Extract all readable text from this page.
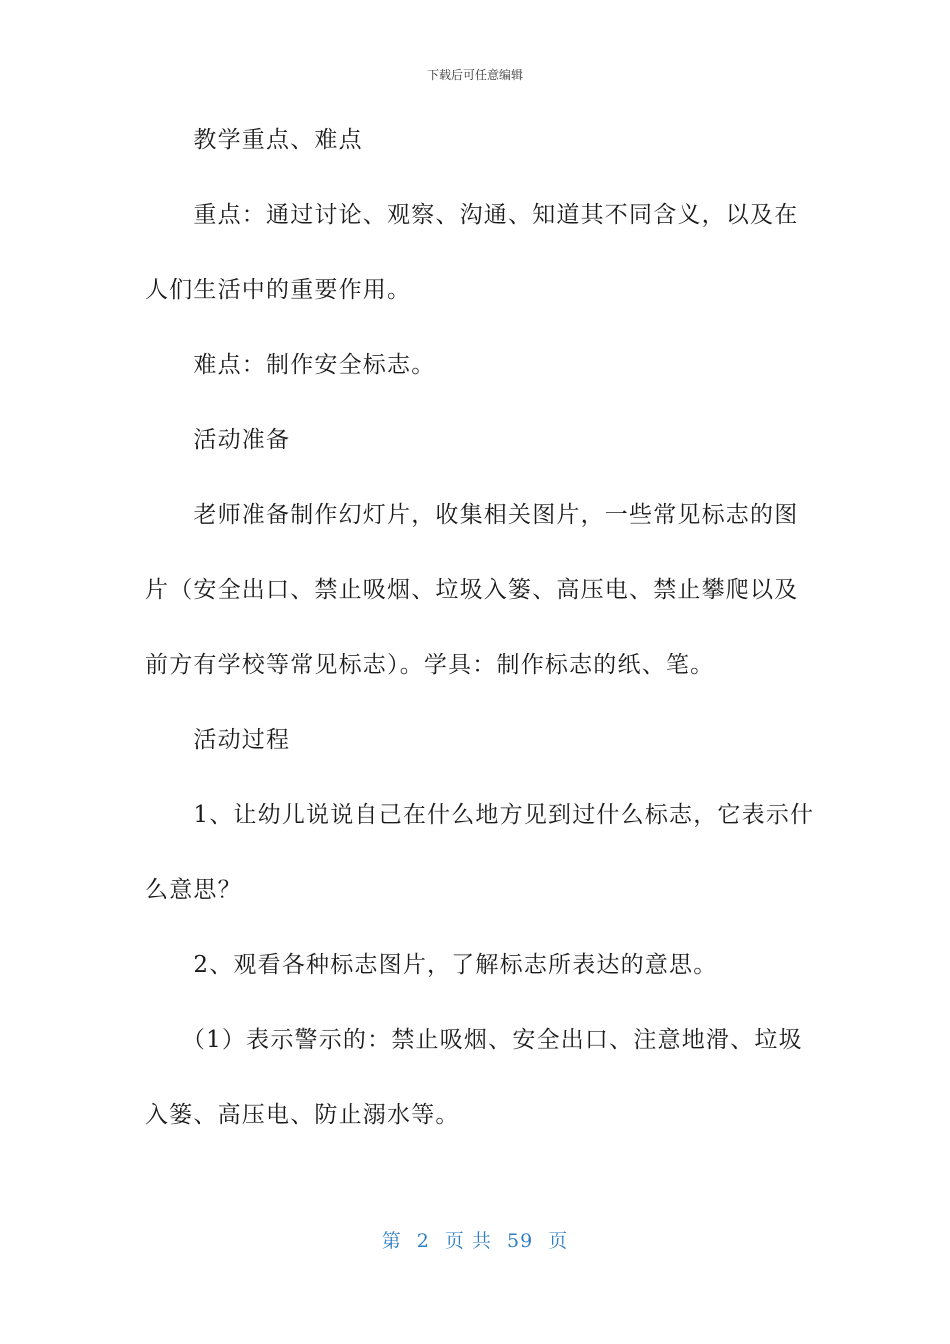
下载后可任意编辑
　　教学重点、难点
　　重点：通过讨论、观察、沟通、知道其不同含义，以及在
人们生活中的重要作用。
　　难点：制作安全标志。
　　活动准备
　　老师准备制作幻灯片，收集相关图片，一些常见标志的图
片（安全出口、禁止吸烟、垃圾入篓、高压电、禁止攀爬以及
前方有学校等常见标志）。学具：制作标志的纸、笔。
　　活动过程
　　1、让幼儿说说自己在什么地方见到过什么标志，它表示什
么意思？
　　2、观看各种标志图片，了解标志所表达的意思。
　　（1）表示警示的：禁止吸烟、安全出口、注意地滑、垃圾
入篓、高压电、防止溺水等。
第 2 页 共 59 页
